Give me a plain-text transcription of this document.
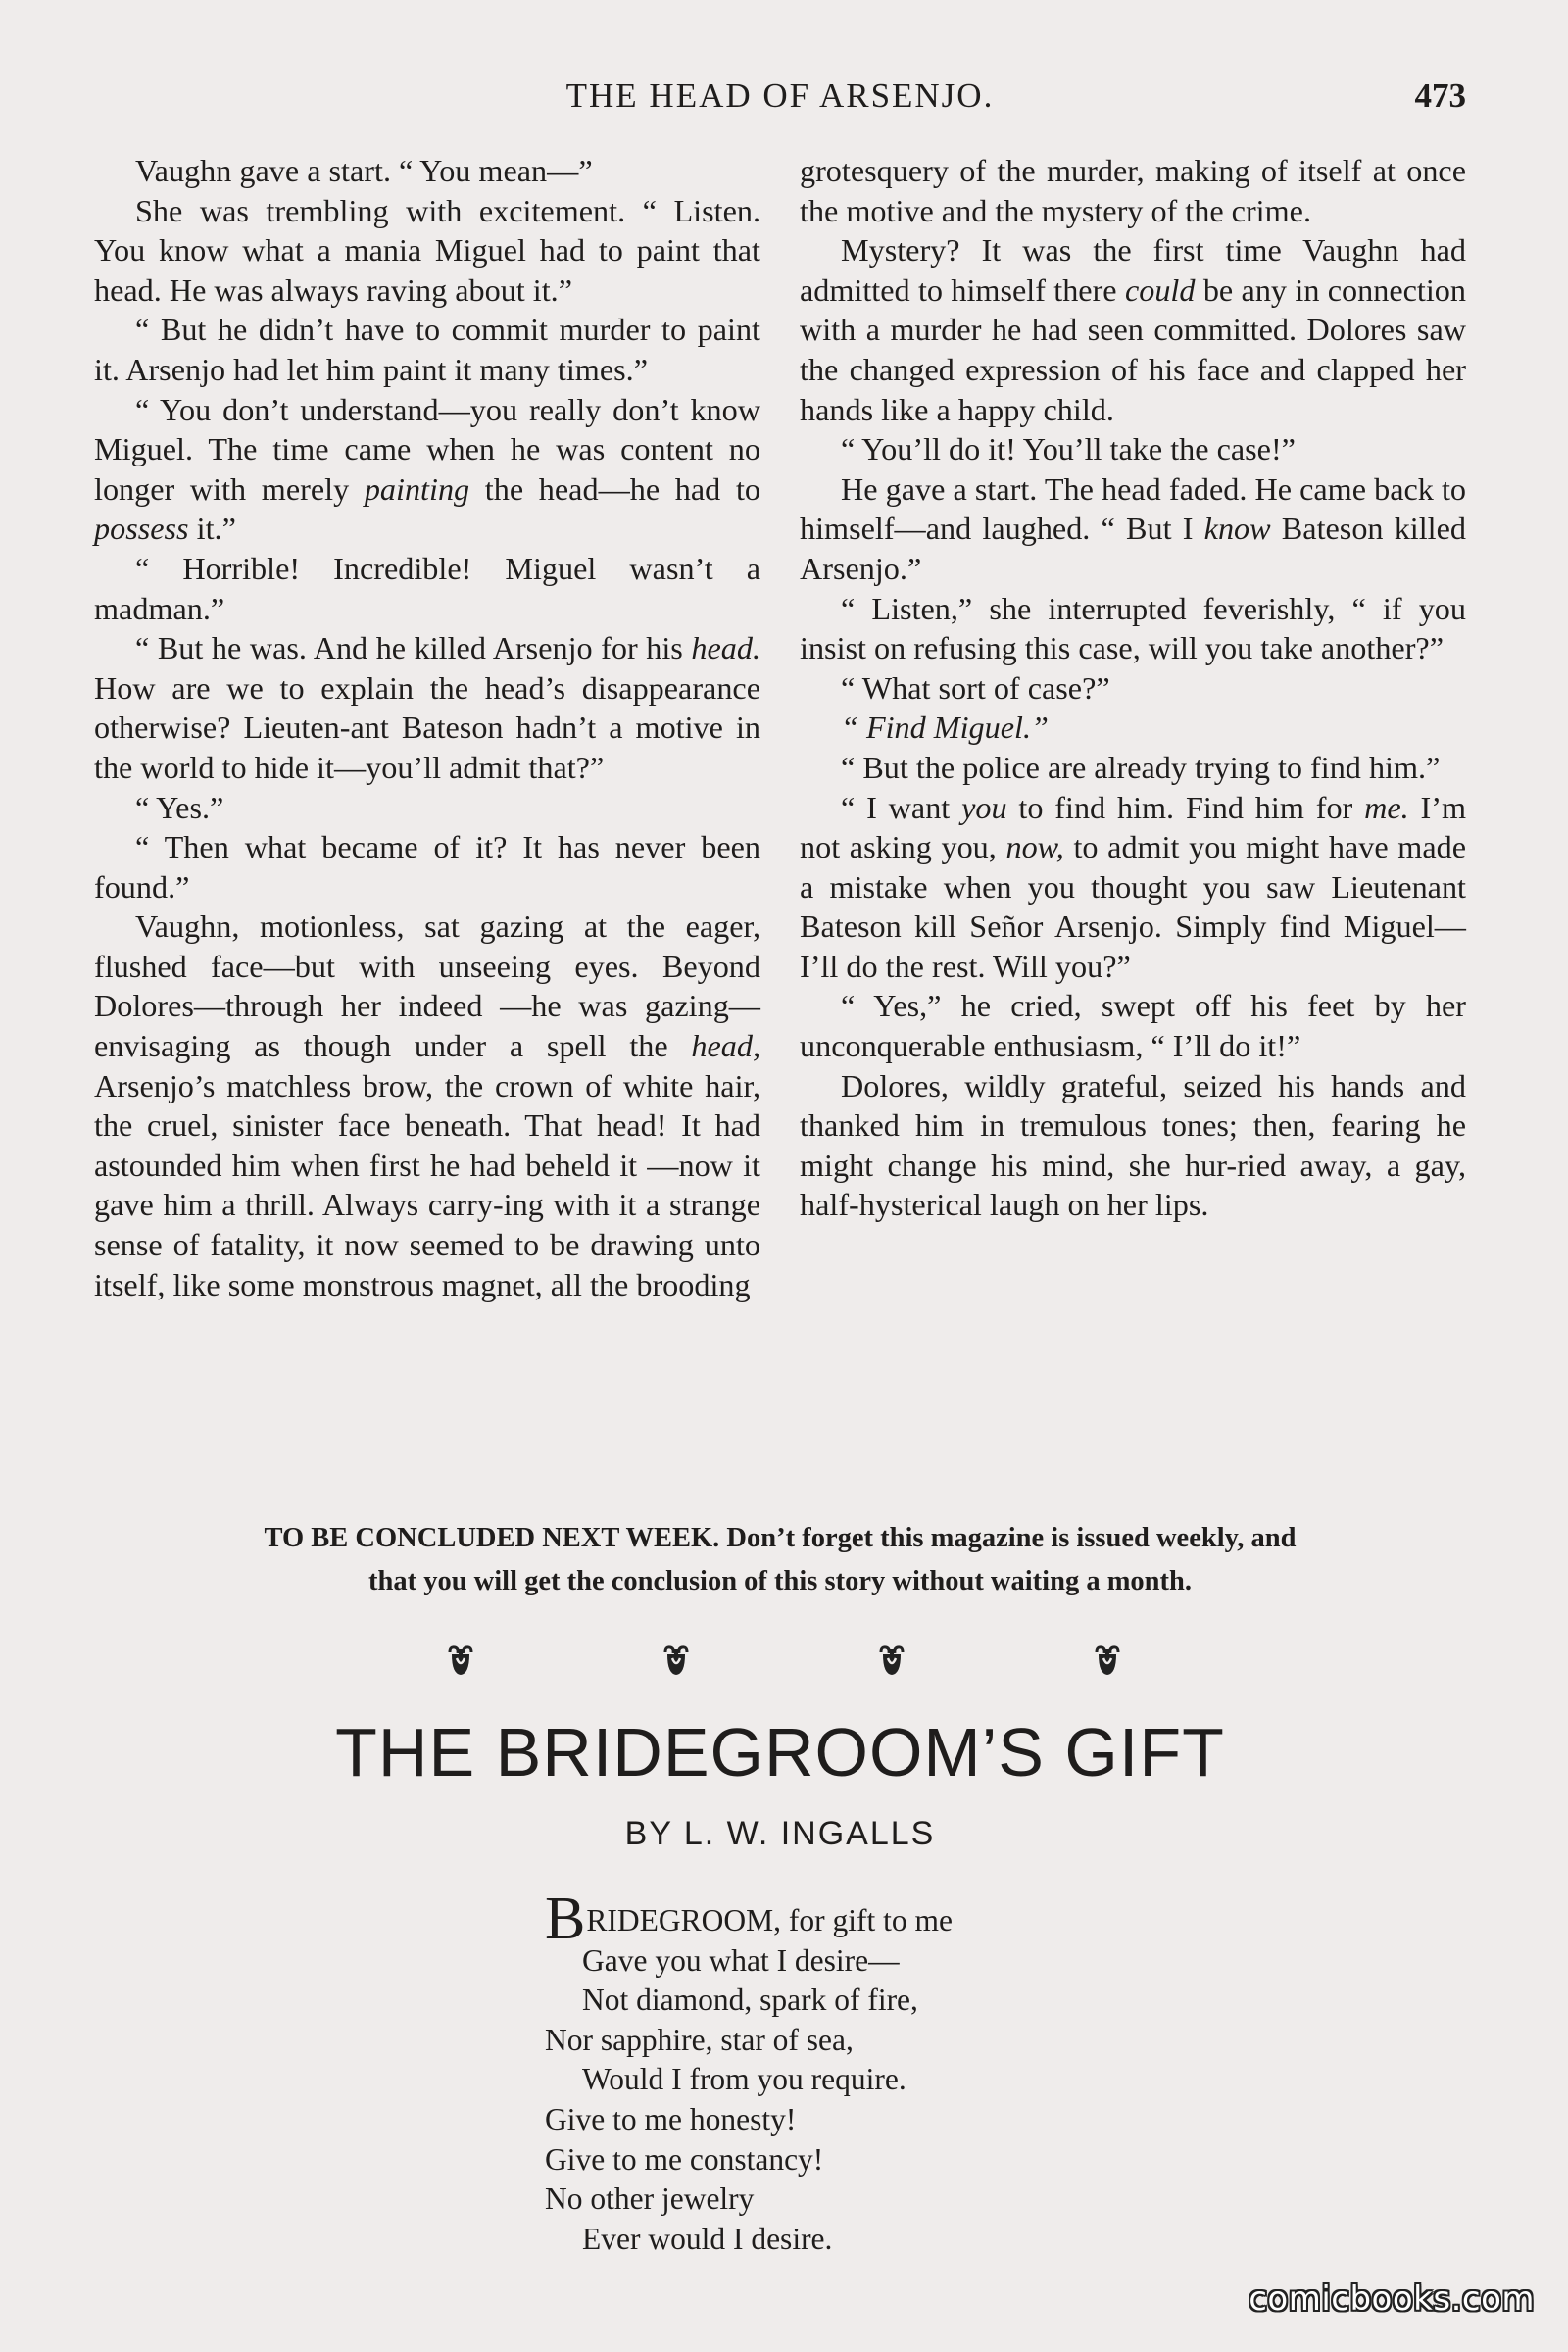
THE HEAD OF ARSENJO.	473

Vaughn gave a start. “ You mean—”

She was trembling with excitement. “ Listen. You know what a mania Miguel had to paint that head. He was always raving about it.”

“ But he didn’t have to commit murder to paint it. Arsenjo had let him paint it many times.”

“ You don’t understand—you really don’t know Miguel. The time came when he was content no longer with merely painting the head—he had to possess it.”

“ Horrible! Incredible! Miguel wasn’t a madman.”

“ But he was. And he killed Arsenjo for his head. How are we to explain the head’s disappearance otherwise? Lieuten-ant Bateson hadn’t a motive in the world to hide it—you’ll admit that?”

“ Yes.”

“ Then what became of it? It has never been found.”

Vaughn, motionless, sat gazing at the eager, flushed face—but with unseeing eyes. Beyond Dolores—through her indeed —he was gazing—envisaging as though under a spell the head, Arsenjo’s matchless brow, the crown of white hair, the cruel, sinister face beneath. That head! It had astounded him when first he had beheld it —now it gave him a thrill. Always carry-ing with it a strange sense of fatality, it now seemed to be drawing unto itself, like some monstrous magnet, all the brooding

grotesquery of the murder, making of itself at once the motive and the mystery of the crime.

Mystery? It was the first time Vaughn had admitted to himself there could be any in connection with a murder he had seen committed. Dolores saw the changed expression of his face and clapped her hands like a happy child.

“ You’ll do it! You’ll take the case!”

He gave a start. The head faded. He came back to himself—and laughed. “ But I know Bateson killed Arsenjo.”

“ Listen,” she interrupted feverishly, “ if you insist on refusing this case, will you take another?”

“ What sort of case?”

“ Find Miguel.”

“ But the police are already trying to find him.”

“ I want you to find him. Find him for me. I’m not asking you, now, to admit you might have made a mistake when you thought you saw Lieutenant Bateson kill Señor Arsenjo. Simply find Miguel—I’ll do the rest. Will you?”

“ Yes,” he cried, swept off his feet by her unconquerable enthusiasm, “ I’ll do it!”

Dolores, wildly grateful, seized his hands and thanked him in tremulous tones; then, fearing he might change his mind, she hur-ried away, a gay, half-hysterical laugh on her lips.

TO BE CONCLUDED NEXT WEEK. Don’t forget this magazine is issued weekly, and
that you will get the conclusion of this story without waiting a month.
THE BRIDEGROOM’S GIFT
BY L. W. INGALLS
BRIDEGROOM, for gift to me
Gave you what I desire—
Not diamond, spark of fire,
Nor sapphire, star of sea,
Would I from you require.
Give to me honesty!
Give to me constancy!
No other jewelry
Ever would I desire.
comicbooks.com
